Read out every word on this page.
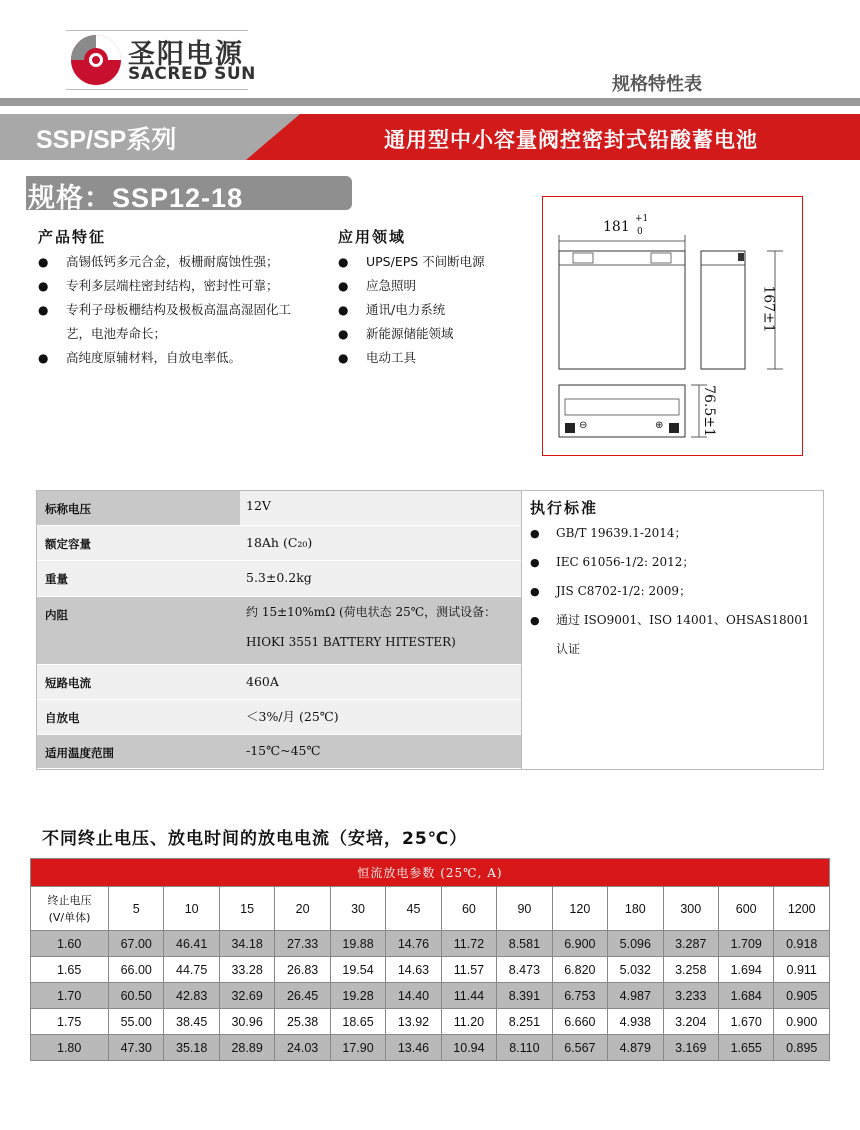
圣阳电源
SACRED SUN	规格特性表
SSP/SP系列	通用型中小容量阀控密封式铅酸蓄电池
规格：SSP12-18
产品特征
● 高锡低钙多元合金，板栅耐腐蚀性强；
● 专利多层端柱密封结构，密封性可靠；
● 专利子母板栅结构及极板高温高湿固化工艺，电池寿命长；
● 高纯度原辅材料，自放电率低。
应用领域
● UPS/EPS 不间断电源
● 应急照明
● 通讯/电力系统
● 新能源储能领域
● 电动工具
181 +1
0
167±1
76.5±1
⊖	⊕
标称电压	12V
额定容量	18Ah (C₂₀)
重量	5.3±0.2kg
内阻	约 15±10%mΩ (荷电状态 25℃，测试设备：HIOKI 3551 BATTERY HITESTER)
短路电流	460A
自放电	＜3%/月 (25℃)
适用温度范围	-15℃~45℃
执行标准
● GB/T 19639.1-2014；
● IEC 61056-1/2: 2012；
● JIS C8702-1/2: 2009；
● 通过 ISO9001、ISO 14001、OHSAS18001 认证
不同终止电压、放电时间的放电电流（安培，25℃）
恒流放电参数 (25℃, A)													

终止电压
(V/单体)	5	10	15	20	30	45	60	90	120	180	300	600	1200
1.60	67.00	46.41	34.18	27.33	19.88	14.76	11.72	8.581	6.900	5.096	3.287	1.709	0.918
1.65	66.00	44.75	33.28	26.83	19.54	14.63	11.57	8.473	6.820	5.032	3.258	1.694	0.911
1.70	60.50	42.83	32.69	26.45	19.28	14.40	11.44	8.391	6.753	4.987	3.233	1.684	0.905
1.75	55.00	38.45	30.96	25.38	18.65	13.92	11.20	8.251	6.660	4.938	3.204	1.670	0.900
1.80	47.30	35.18	28.89	24.03	17.90	13.46	10.94	8.110	6.567	4.879	3.169	1.655	0.895
